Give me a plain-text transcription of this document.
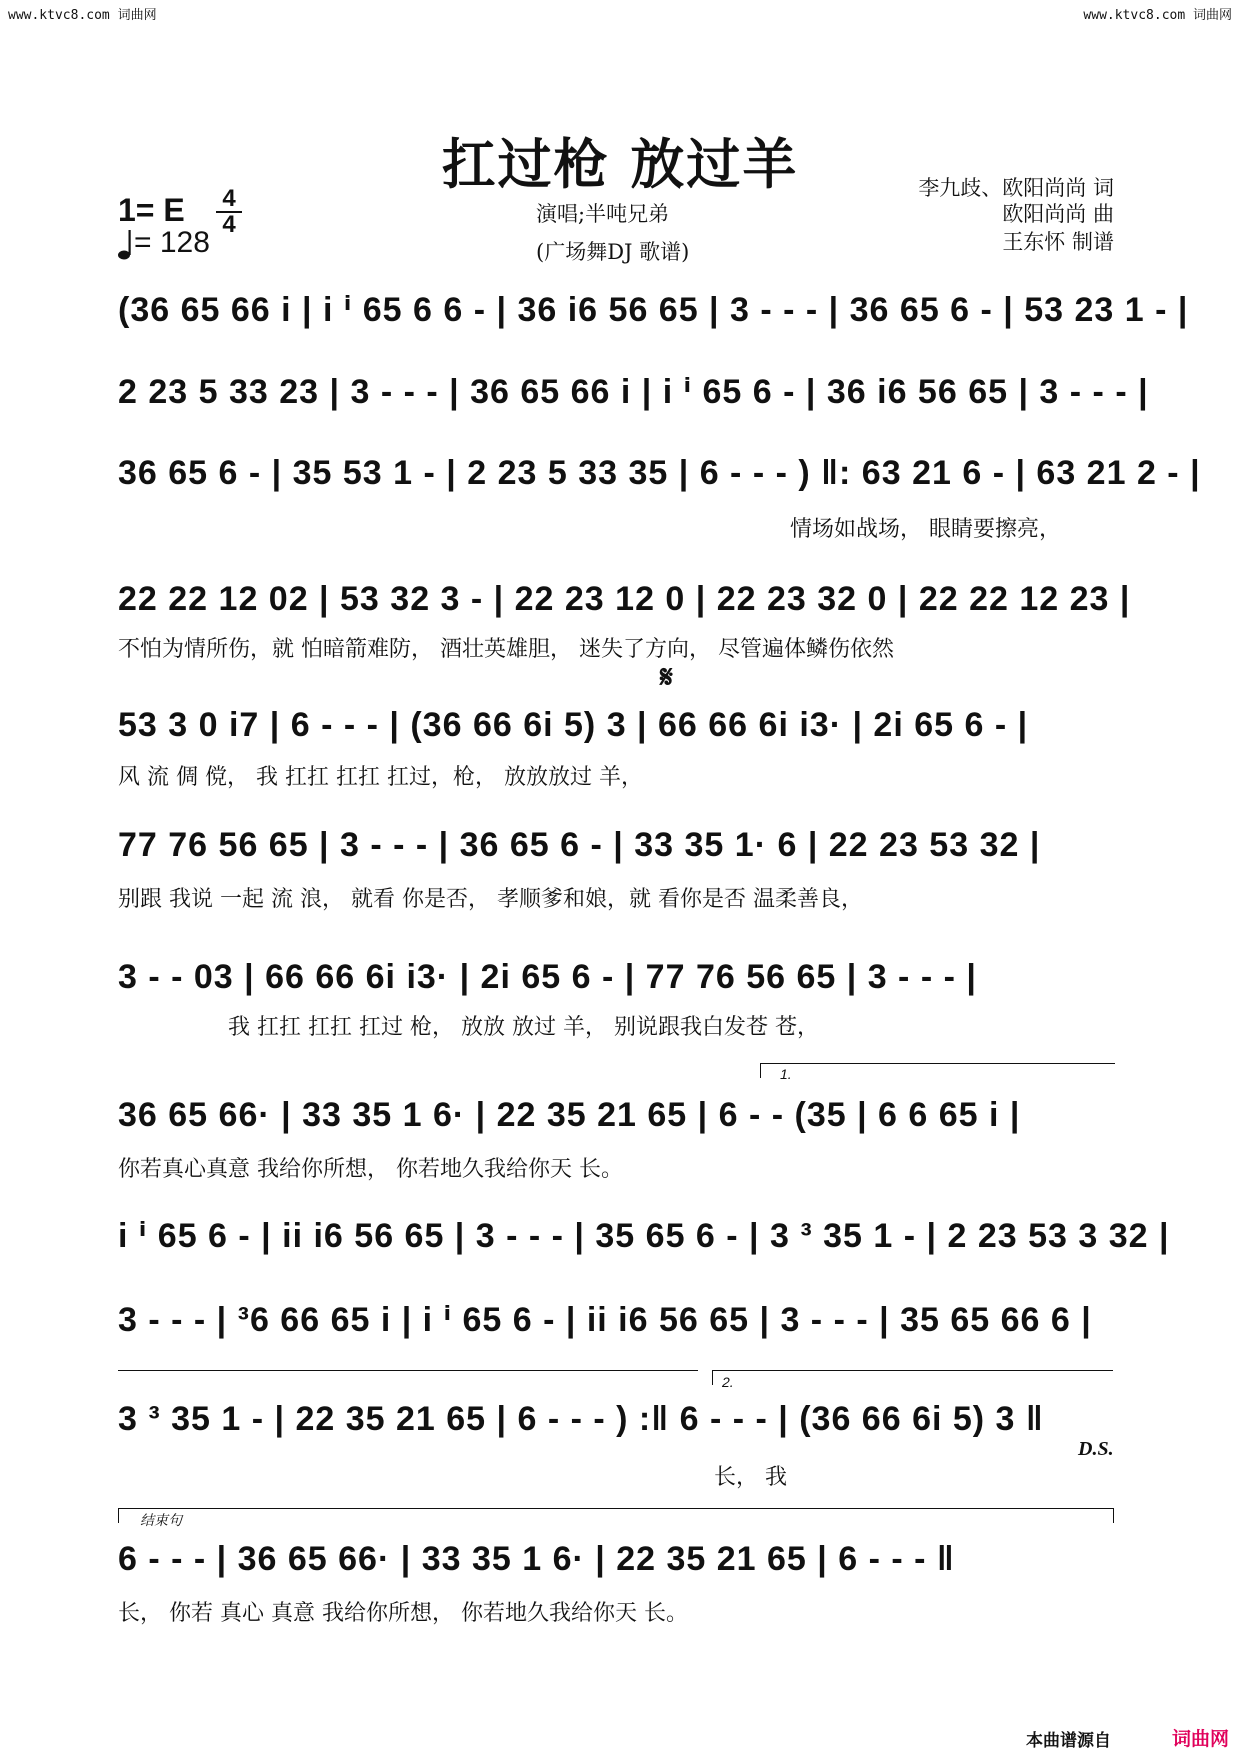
www.ktvc8.com 词曲网	www.ktvc8.com 词曲网
扛过枪 放过羊
1= E 4
4
= 128
演唱;半吨兄弟
(广场舞DJ 歌谱)
李九歧、欧阳尚尚 词
欧阳尚尚 曲
王东怀 制谱
(36 65 66 i | i ⁱ 65 6 6 - | 36 i6 56 65 | 3 - - - | 36 65 6 - | 53 23 1 - |
2 23 5 33 23 | 3 - - - | 36 65 66 i | i ⁱ 65 6 - | 36 i6 56 65 | 3 - - - |
36 65 6 - | 35 53 1 - | 2 23 5 33 35 | 6 - - - ) ‖: 63 21 6 - | 63 21 2 - |
情场如战场， 眼睛要擦亮，
22 22 12 02 | 53 32 3 - | 22 23 12 0 | 22 23 32 0 | 22 22 12 23 |
不怕为情所伤，就 怕暗箭难防， 酒壮英雄胆， 迷失了方向， 尽管遍体鳞伤依然
𝄋
53 3 0 i7 | 6 - - - | (36 66 6i 5) 3 | 66 66 6i i3· | 2i 65 6 - |
风 流 倜 傥， 我 扛扛 扛扛 扛过，枪， 放放放过 羊，
77 76 56 65 | 3 - - - | 36 65 6 - | 33 35 1· 6 | 22 23 53 32 |
别跟 我说 一起 流 浪， 就看 你是否， 孝顺爹和娘，就 看你是否 温柔善良，
3 - - 03 | 66 66 6i i3· | 2i 65 6 - | 77 76 56 65 | 3 - - - |
我 扛扛 扛扛 扛过 枪， 放放 放过 羊， 别说跟我白发苍 苍，
1.
36 65 66· | 33 35 1 6· | 22 35 21 65 | 6 - - (35 | 6 6 65 i |
你若真心真意 我给你所想， 你若地久我给你天 长。
i ⁱ 65 6 - | ii i6 56 65 | 3 - - - | 35 65 6 - | 3 ³ 35 1 - | 2 23 53 3 32 |
3 - - - | ³6 66 65 i | i ⁱ 65 6 - | ii i6 56 65 | 3 - - - | 35 65 66 6 |
2.
3 ³ 35 1 - | 22 35 21 65 | 6 - - - ) :‖ 6 - - - | (36 66 6i 5) 3 ‖
D.S.
长， 我
结束句
6 - - - | 36 65 66· | 33 35 1 6· | 22 35 21 65 | 6 - - - ‖
长， 你若 真心 真意 我给你所想， 你若地久我给你天 长。
本曲谱源自	词曲网
